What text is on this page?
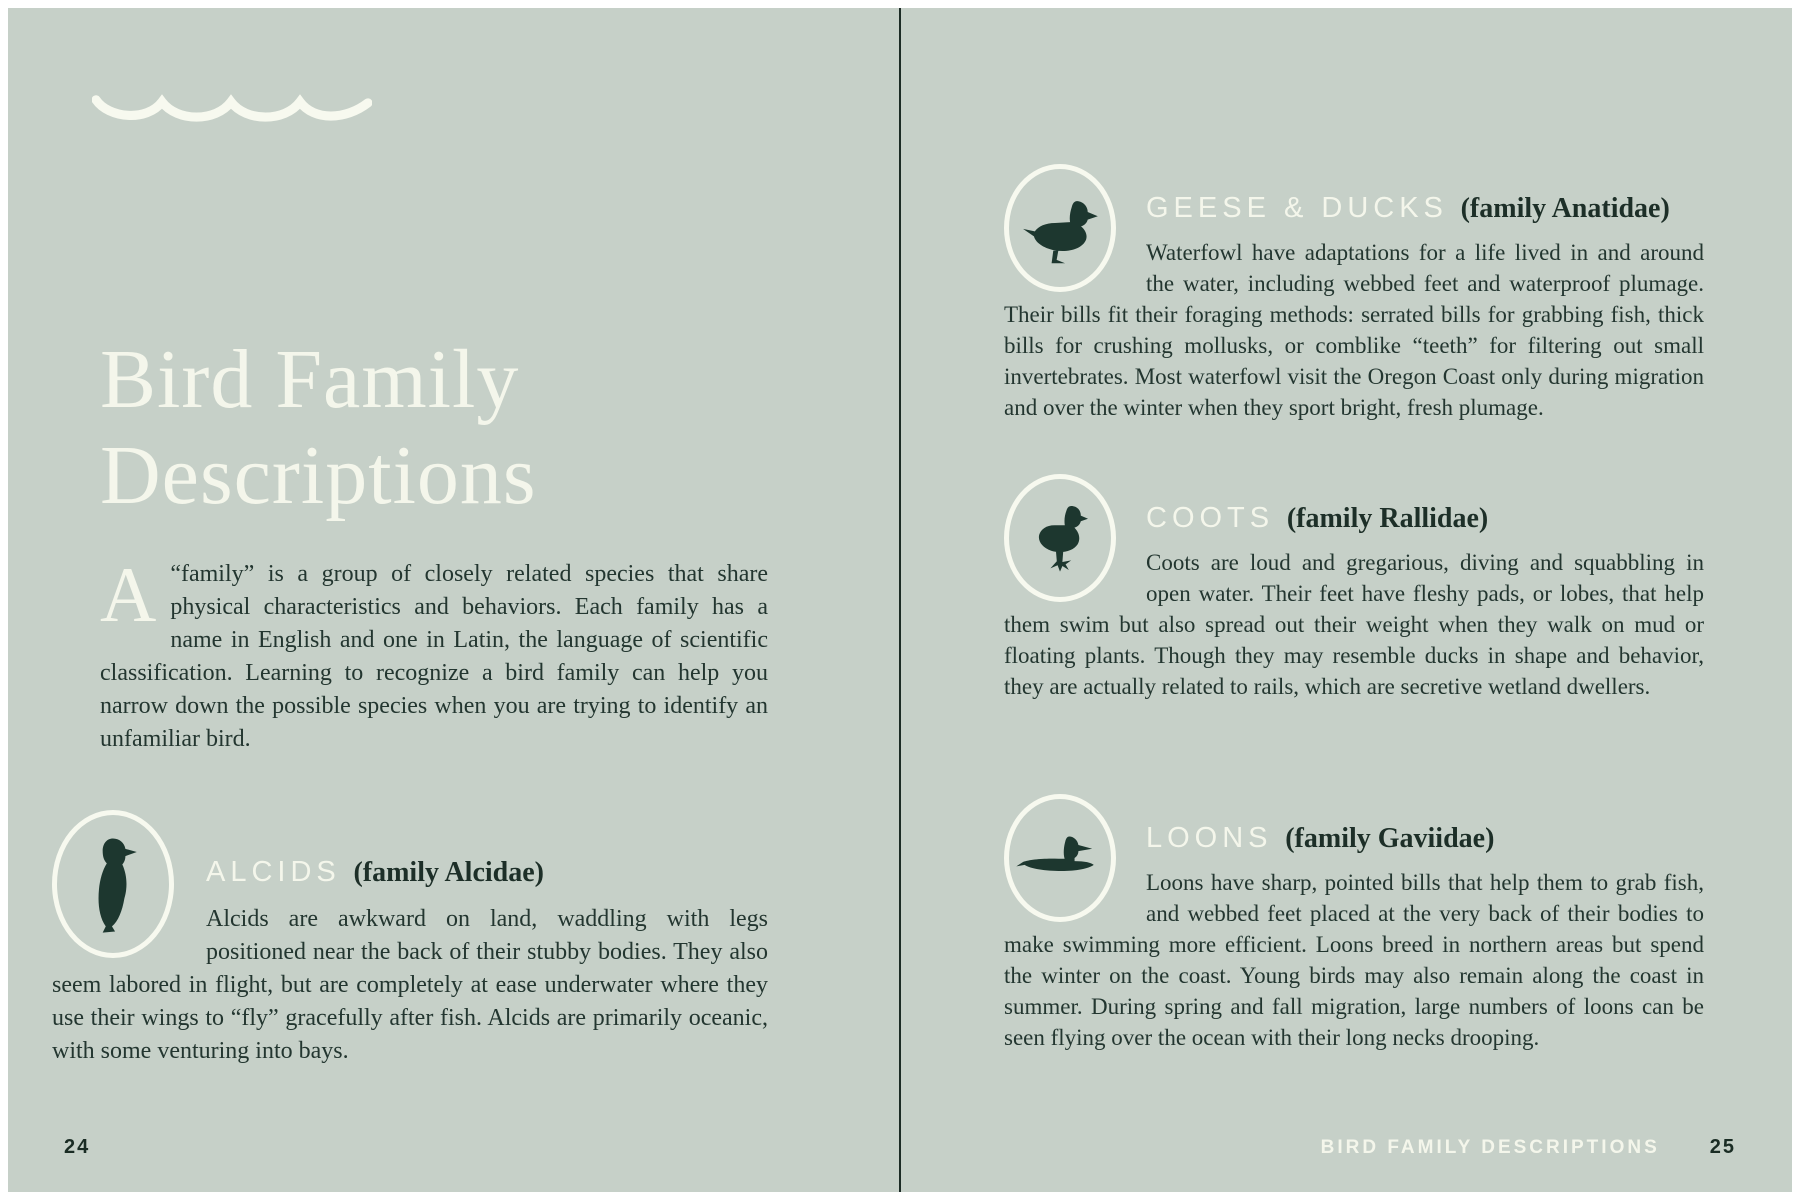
Bird Family
Descriptions
A “family” is a group of closely related species that share physical characteristics and behaviors. Each family has a name in English and one in Latin, the language of scientific classification. Learning to recognize a bird family can help you narrow down the possible species when you are trying to identify an unfamiliar bird.
ALCIDS (family Alcidae)

Alcids are awkward on land, waddling with legs positioned near the back of their stubby bodies. They also seem labored in flight, but are completely at ease underwater where they use their wings to “fly” gracefully after fish. Alcids are primarily oceanic, with some venturing into bays.

24
GEESE & DUCKS (family Anatidae)

Waterfowl have adaptations for a life lived in and around the water, including webbed feet and waterproof plumage. Their bills fit their foraging methods: serrated bills for grabbing fish, thick bills for crushing mollusks, or comblike “teeth” for filtering out small invertebrates. Most waterfowl visit the Oregon Coast only during migration and over the winter when they sport bright, fresh plumage.

COOTS (family Rallidae)

Coots are loud and gregarious, diving and squabbling in open water. Their feet have fleshy pads, or lobes, that help them swim but also spread out their weight when they walk on mud or floating plants. Though they may resemble ducks in shape and behavior, they are actually related to rails, which are secretive wetland dwellers.

LOONS (family Gaviidae)

Loons have sharp, pointed bills that help them to grab fish, and webbed feet placed at the very back of their bodies to make swimming more efficient. Loons breed in northern areas but spend the winter on the coast. Young birds may also remain along the coast in summer. During spring and fall migration, large numbers of loons can be seen flying over the ocean with their long necks drooping.

BIRD FAMILY DESCRIPTIONS	25
